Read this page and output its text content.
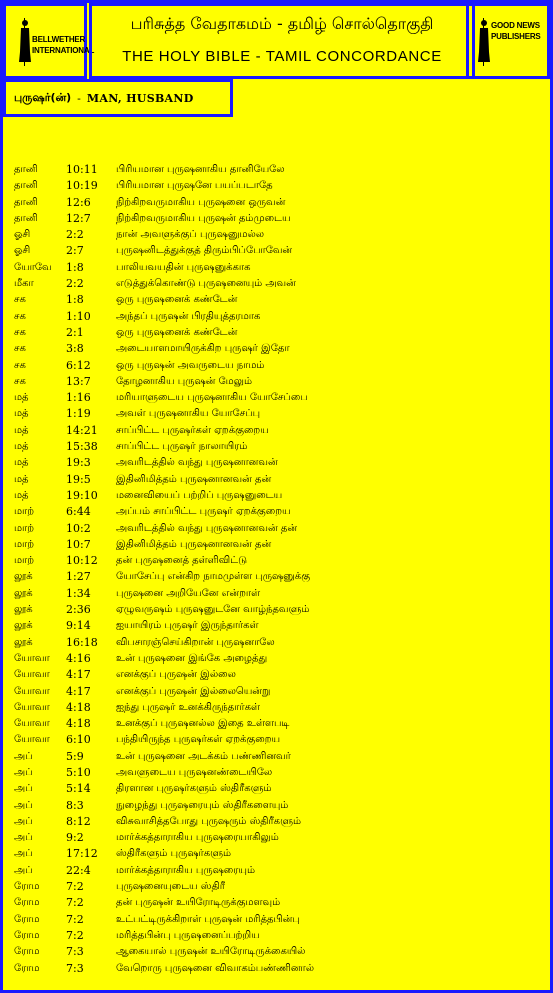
BELLWETHER
INTERNATIONAL
பரிசுத்த வேதாகமம் - தமிழ் சொல்தொகுதி
THE HOLY BIBLE - TAMIL CONCORDANCE
GOOD NEWS
PUBLISHERS
புருஷர்(ன்) - MAN, HUSBAND
தானி	10:11	பிரியமான புருஷனாகிய தானியேலே
தானி	10:19	பிரியமான புருஷனே பயப்படாதே
தானி	12:6	நிற்கிறவருமாகிய புருஷனை ஒருவன்
தானி	12:7	நிற்கிறவருமாகிய புருஷன் தம்முடைய
ஓசி	2:2	நான் அவளுக்குப் புருஷனுமல்ல
ஓசி	2:7	புருஷனிடத்துக்குத் திரும்பிப்போவேன்
யோவே	1:8	பாலியவயதின் புருஷனுக்காக
மீகா	2:2	எடுத்துக்கொண்டு புருஷனையும் அவன்
சக	1:8	ஒரு புருஷனைக் கண்டேன்
சக	1:10	அந்தப் புருஷன் பிரதியுத்தரமாக
சக	2:1	ஒரு புருஷனைக் கண்டேன்
சக	3:8	அடையாளமாயிருக்கிற புருஷர் இதோ
சக	6:12	ஒரு புருஷன் அவருடைய நாமம்
சக	13:7	தோழனாகிய புருஷன் மேலும்
மத்	1:16	மரியாளுடைய புருஷனாகிய யோசேப்பை
மத்	1:19	அவள் புருஷனாகிய யோசேப்பு
மத்	14:21	சாப்பிட்ட புருஷர்கள் ஏறக்குறைய
மத்	15:38	சாப்பிட்ட புருஷர் நாலாயிரம்
மத்	19:3	அவரிடத்தில் வந்து புருஷனானவன்
மத்	19:5	இதினிமித்தம் புருஷனானவன் தன்
மத்	19:10	மனைவியைப் பற்றிப் புருஷனுடைய
மாற்	6:44	அப்பம் சாப்பிட்ட புருஷர் ஏறக்குறைய
மாற்	10:2	அவரிடத்தில் வந்து புருஷனானவன் தன்
மாற்	10:7	இதினிமித்தம் புருஷனானவன் தன்
மாற்	10:12	தன் புருஷனைத் தள்ளிவிட்டு
லூக்	1:27	யோசேப்பு என்கிற நாமமுள்ள புருஷனுக்கு
லூக்	1:34	புருஷனை அறியேனே என்றாள்
லூக்	2:36	ஏழுவருஷம் புருஷனுடனே வாழ்ந்தவளும்
லூக்	9:14	ஐயாயிரம் புருஷர் இருந்தார்கள்
லூக்	16:18	விபசாரஞ்செய்கிறான் புருஷனாலே
யோவா	4:16	உன் புருஷனை இங்கே அழைத்து
யோவா	4:17	எனக்குப் புருஷன் இல்லை
யோவா	4:17	எனக்குப் புருஷன் இல்லையென்று
யோவா	4:18	ஐந்து புருஷர் உனக்கிருந்தார்கள்
யோவா	4:18	உனக்குப் புருஷனல்ல இதை உள்ளபடி
யோவா	6:10	பந்தியிருந்த புருஷர்கள் ஏறக்குறைய
அப்	5:9	உன் புருஷனை அடக்கம் பண்ணினவர்
அப்	5:10	அவளுடைய புருஷனண்டையிலே
அப்	5:14	திரளான புருஷர்களும் ஸ்திரீகளும்
அப்	8:3	நுழைந்து புருஷரையும் ஸ்திரீகளையும்
அப்	8:12	விசுவாசித்தபோது புருஷரும் ஸ்திரீகளும்
அப்	9:2	மார்க்கத்தாராகிய புருஷரையாகிலும்
அப்	17:12	ஸ்திரீகளும் புருஷர்களும்
அப்	22:4	மார்க்கத்தாராகிய புருஷரையும்
ரோம	7:2	புருஷனையுடைய ஸ்திரீ
ரோம	7:2	தன் புருஷன் உயிரோடிருக்குமளவும்
ரோம	7:2	உட்பட்டிருக்கிறாள் புருஷன் மரித்தபின்பு
ரோம	7:2	மரித்தபின்பு புருஷனைப்பற்றிய
ரோம	7:3	ஆகையால் புருஷன் உயிரோடிருக்கையில்
ரோம	7:3	வேறொரு புருஷனை விவாகம்பண்ணினால்
